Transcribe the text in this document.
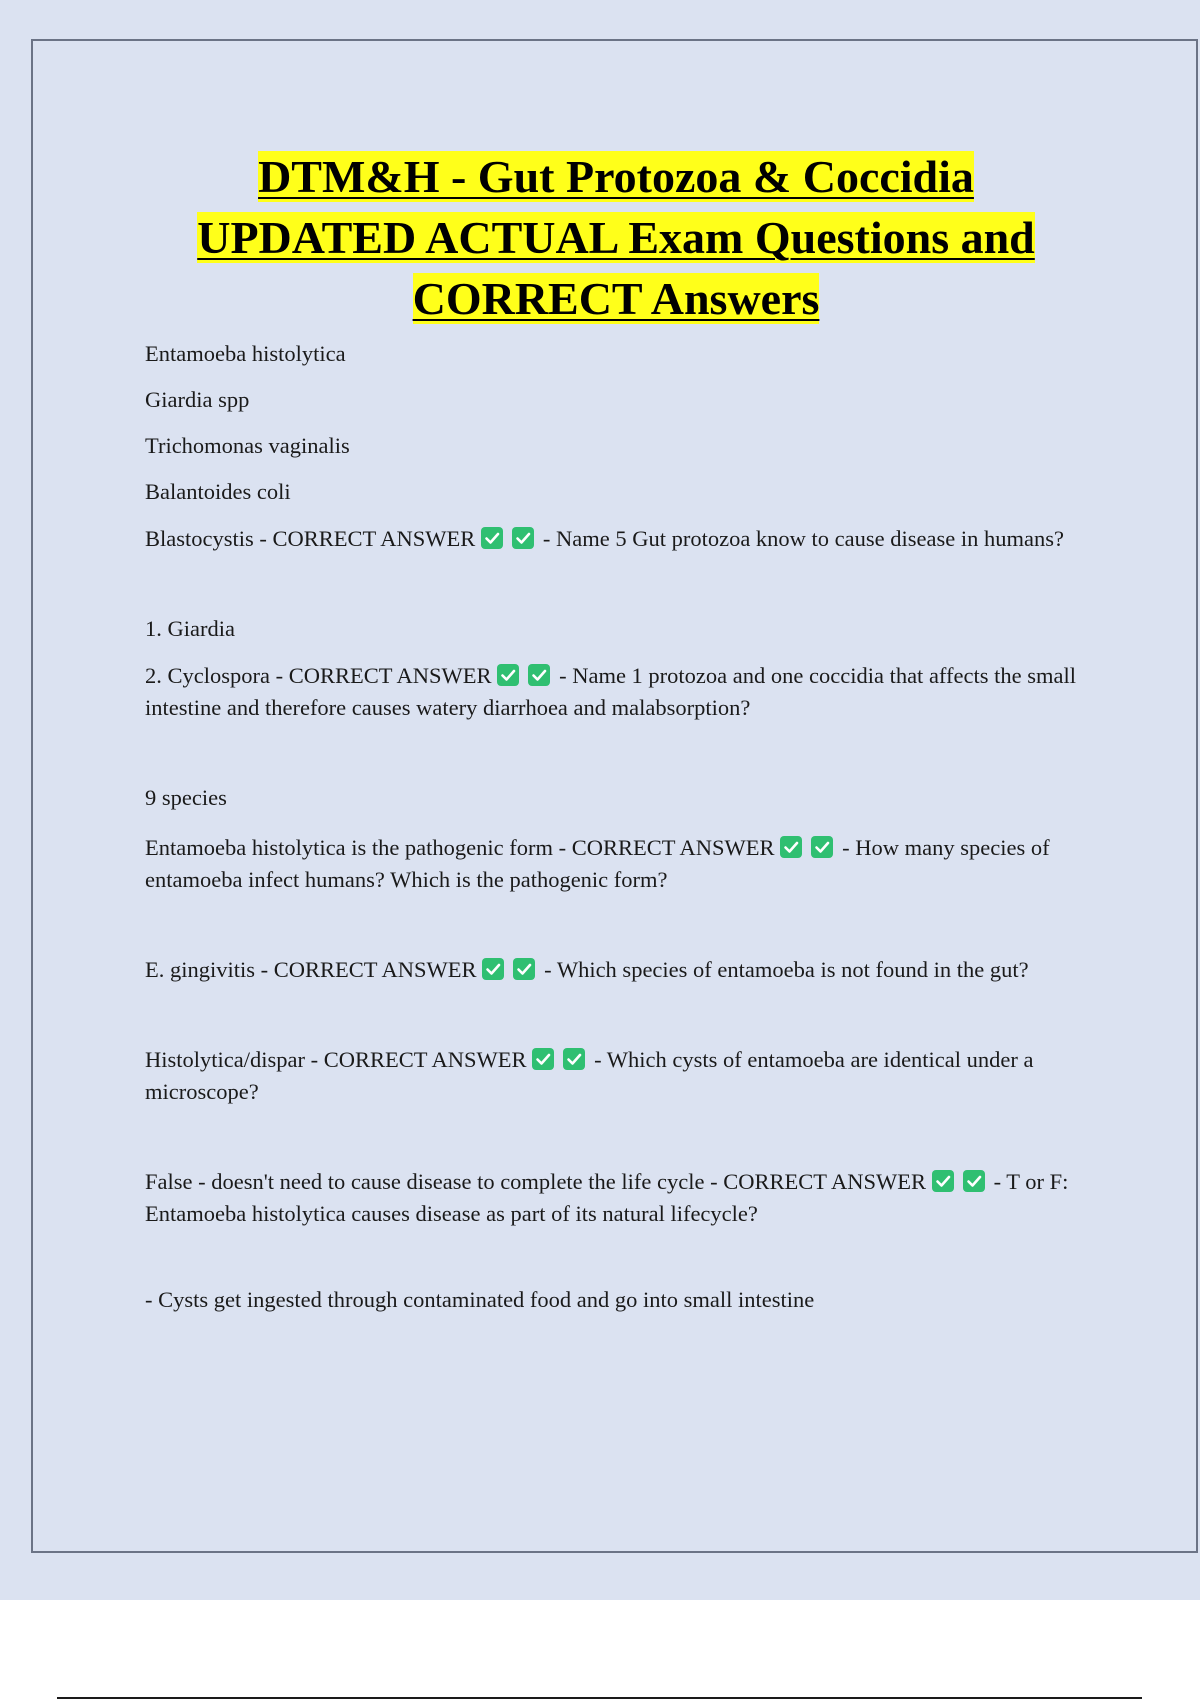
DTM&H - Gut Protozoa & Coccidia
UPDATED ACTUAL Exam Questions and
CORRECT Answers

Entamoeba histolytica

Giardia spp

Trichomonas vaginalis

Balantoides coli

Blastocystis - CORRECT ANSWER	- Name 5 Gut protozoa know to cause disease in humans?

1. Giardia

2. Cyclospora - CORRECT ANSWER	- Name 1 protozoa and one coccidia that affects the small intestine and therefore causes watery diarrhoea and malabsorption?

9 species

Entamoeba histolytica is the pathogenic form - CORRECT ANSWER	- How many species of entamoeba infect humans? Which is the pathogenic form?

E. gingivitis - CORRECT ANSWER	- Which species of entamoeba is not found in the gut?

Histolytica/dispar - CORRECT ANSWER	- Which cysts of entamoeba are identical under a microscope?

False - doesn't need to cause disease to complete the life cycle - CORRECT ANSWER	- T or F: Entamoeba histolytica causes disease as part of its natural lifecycle?

- Cysts get ingested through contaminated food and go into small intestine
